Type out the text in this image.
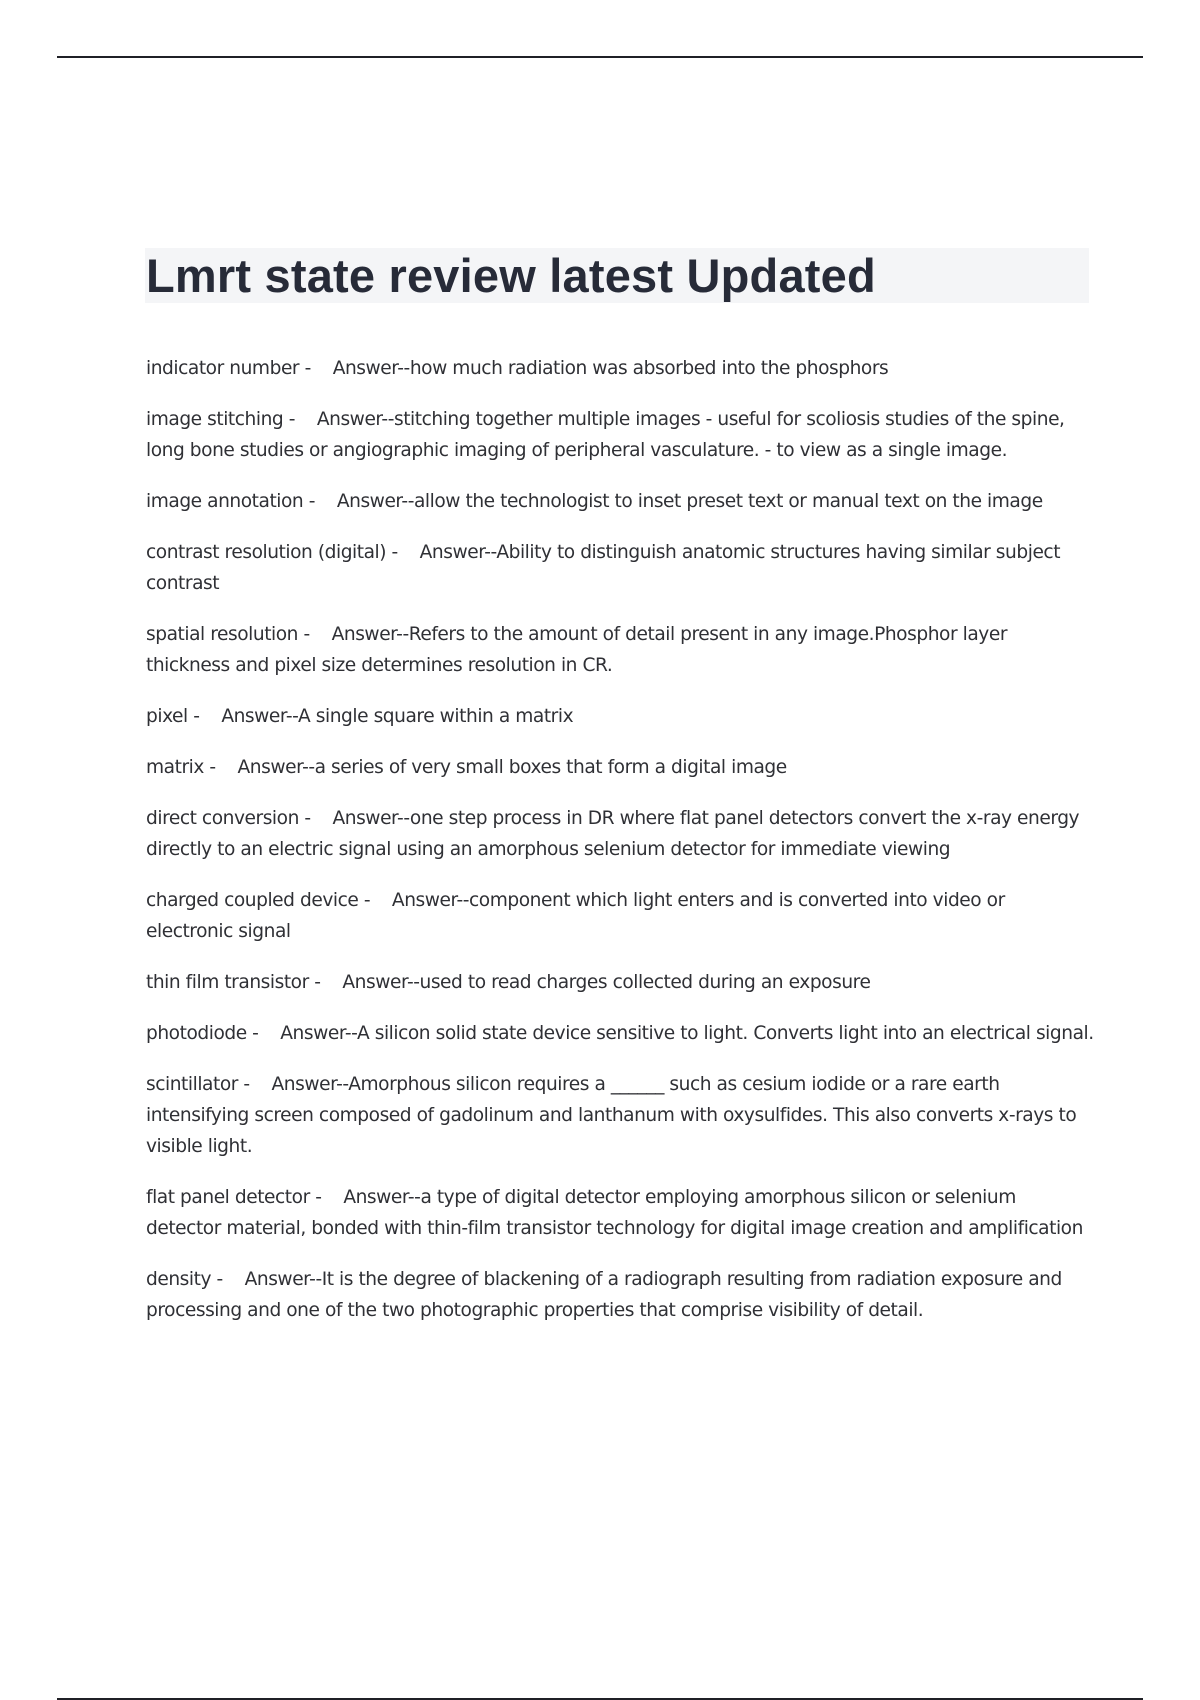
Lmrt state review latest Updated
indicator number -    Answer--how much radiation was absorbed into the phosphors
image stitching -    Answer--stitching together multiple images - useful for scoliosis studies of the spine, long bone studies or angiographic imaging of peripheral vasculature. - to view as a single image.
image annotation -    Answer--allow the technologist to inset preset text or manual text on the image
contrast resolution (digital) -    Answer--Ability to distinguish anatomic structures having similar subject contrast
spatial resolution -    Answer--Refers to the amount of detail present in any image.Phosphor layer thickness and pixel size determines resolution in CR.
pixel -    Answer--A single square within a matrix
matrix -    Answer--a series of very small boxes that form a digital image
direct conversion -    Answer--one step process in DR where flat panel detectors convert the x-ray energy directly to an electric signal using an amorphous selenium detector for immediate viewing
charged coupled device -    Answer--component which light enters and is converted into video or electronic signal
thin film transistor -    Answer--used to read charges collected during an exposure
photodiode -    Answer--A silicon solid state device sensitive to light. Converts light into an electrical signal.
scintillator -    Answer--Amorphous silicon requires a ______ such as cesium iodide or a rare earth intensifying screen composed of gadolinum and lanthanum with oxysulfides. This also converts x-rays to visible light.
flat panel detector -    Answer--a type of digital detector employing amorphous silicon or selenium detector material, bonded with thin-film transistor technology for digital image creation and amplification
density -    Answer--It is the degree of blackening of a radiograph resulting from radiation exposure and processing and one of the two photographic properties that comprise visibility of detail.
